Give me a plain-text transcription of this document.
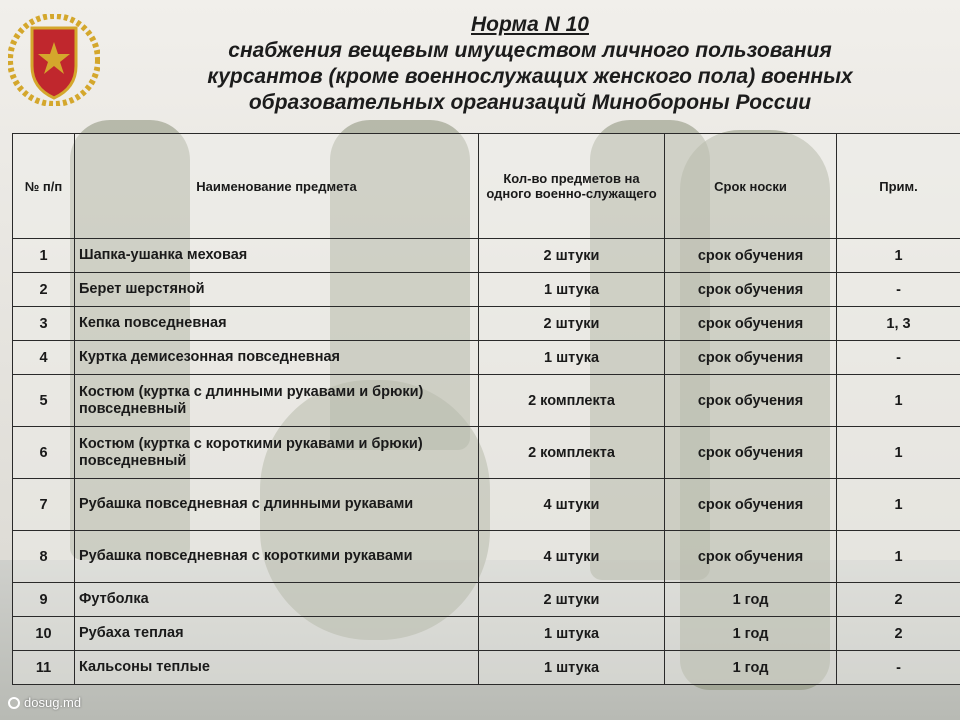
Норма N 10
снабжения вещевым имуществом личного пользования
курсантов (кроме военнослужащих женского пола) военных
образовательных организаций Минобороны России
№ п/п	Наименование предмета	Кол-во предметов на одного военно-служащего	Срок носки	Прим.
1	Шапка-ушанка меховая	2 штуки	срок обучения	1
2	Берет шерстяной	1 штука	срок обучения	-
3	Кепка повседневная	2 штуки	срок обучения	1, 3
4	Куртка демисезонная повседневная	1 штука	срок обучения	-
5	Костюм (куртка с длинными рукавами и брюки) повседневный	2 комплекта	срок обучения	1
6	Костюм (куртка с короткими рукавами и брюки) повседневный	2 комплекта	срок обучения	1
7	Рубашка повседневная с длинными рукавами	4 штуки	срок обучения	1
8	Рубашка повседневная с короткими рукавами	4 штуки	срок обучения	1
9	Футболка	2 штуки	1 год	2
10	Рубаха теплая	1 штука	1 год	2
11	Кальсоны теплые	1 штука	1 год	-
dosug.md
